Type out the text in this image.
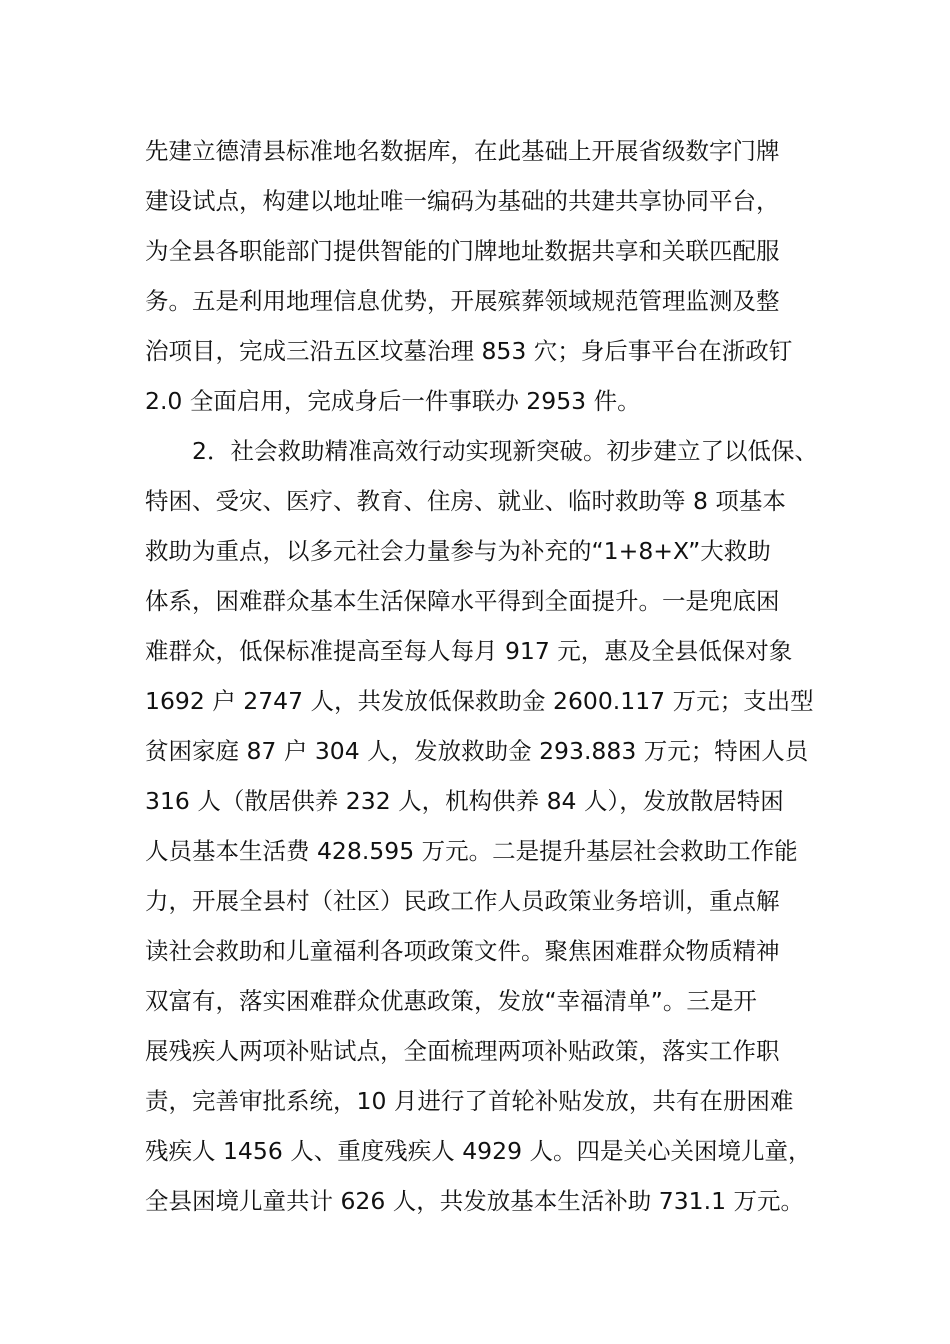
先建立德清县标准地名数据库，在此基础上开展省级数字门牌
建设试点，构建以地址唯一编码为基础的共建共享协同平台，
为全县各职能部门提供智能的门牌地址数据共享和关联匹配服
务。五是利用地理信息优势，开展殡葬领域规范管理监测及整
治项目，完成三沿五区坟墓治理 853 穴；身后事平台在浙政钉
2.0 全面启用，完成身后一件事联办 2953 件。
2．社会救助精准高效行动实现新突破。初步建立了以低保、
特困、受灾、医疗、教育、住房、就业、临时救助等 8 项基本
救助为重点，以多元社会力量参与为补充的“1+8+X”大救助
体系，困难群众基本生活保障水平得到全面提升。一是兜底困
难群众，低保标准提高至每人每月 917 元，惠及全县低保对象
1692 户 2747 人，共发放低保救助金 2600.117 万元；支出型
贫困家庭 87 户 304 人，发放救助金 293.883 万元；特困人员
316 人（散居供养 232 人，机构供养 84 人），发放散居特困
人员基本生活费 428.595 万元。二是提升基层社会救助工作能
力，开展全县村（社区）民政工作人员政策业务培训，重点解
读社会救助和儿童福利各项政策文件。聚焦困难群众物质精神
双富有，落实困难群众优惠政策，发放“幸福清单”。三是开
展残疾人两项补贴试点，全面梳理两项补贴政策，落实工作职
责，完善审批系统，10 月进行了首轮补贴发放，共有在册困难
残疾人 1456 人、重度残疾人 4929 人。四是关心关困境儿童，
全县困境儿童共计 626 人，共发放基本生活补助 731.1 万元。
